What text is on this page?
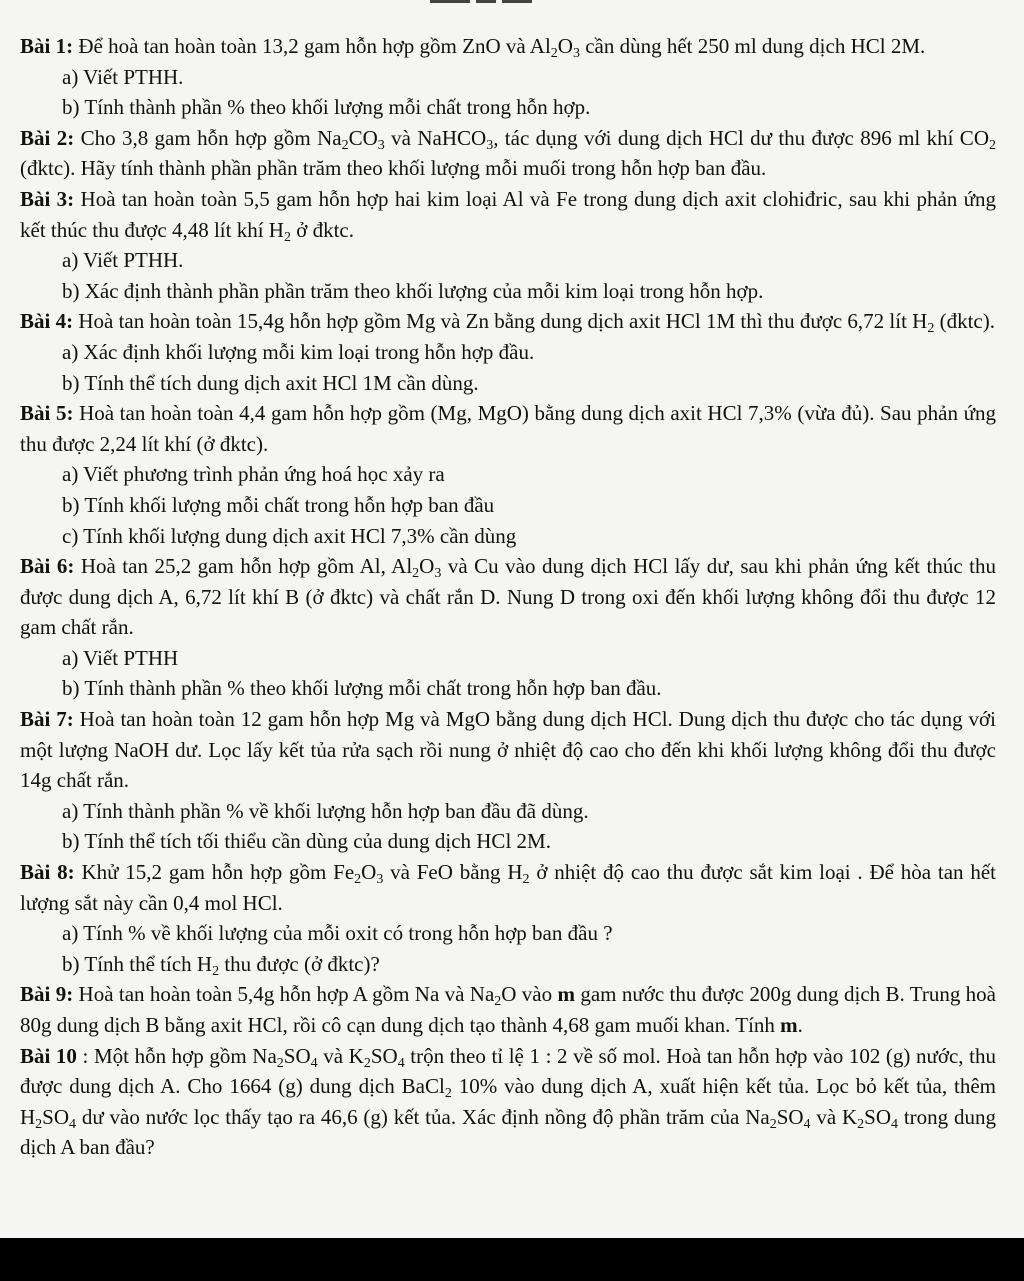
Bài 1: Để hoà tan hoàn toàn 13,2 gam hỗn hợp gồm ZnO và $Al_2O_3$ cần dùng hết 250 ml dung dịch HCl 2M.

a) Viết PTHH.

b) Tính thành phần % theo khối lượng mỗi chất trong hỗn hợp.

Bài 2: Cho 3,8 gam hỗn hợp gồm $Na_2CO_3$ và NaHCO$_3$, tác dụng với dung dịch HCl dư thu được 896 ml khí $CO_2$ (đktc). Hãy tính thành phần phần trăm theo khối lượng mỗi muối trong hỗn hợp ban đầu.

Bài 3: Hoà tan hoàn toàn 5,5 gam hỗn hợp hai kim loại Al và Fe trong dung dịch axit clohiđric, sau khi phản ứng kết thúc thu được 4,48 lít khí $H_2$ ở đktc.

a) Viết PTHH.

b) Xác định thành phần phần trăm theo khối lượng của mỗi kim loại trong hỗn hợp.

Bài 4: Hoà tan hoàn toàn 15,4g hỗn hợp gồm Mg và Zn bằng dung dịch axit HCl 1M thì thu được 6,72 lít $H_2$ (đktc).

a) Xác định khối lượng mỗi kim loại trong hỗn hợp đầu.

b) Tính thể tích dung dịch axit HCl 1M cần dùng.

Bài 5: Hoà tan hoàn toàn 4,4 gam hỗn hợp gồm (Mg, MgO) bằng dung dịch axit HCl 7,3% (vừa đủ). Sau phản ứng thu được 2,24 lít khí (ở đktc).

a) Viết phương trình phản ứng hoá học xảy ra

b) Tính khối lượng mỗi chất trong hỗn hợp ban đầu

c) Tính khối lượng dung dịch axit HCl 7,3% cần dùng

Bài 6: Hoà tan 25,2 gam hỗn hợp gồm Al, $Al_2O_3$ và Cu vào dung dịch HCl lấy dư, sau khi phản ứng kết thúc thu được dung dịch A, 6,72 lít khí B (ở đktc) và chất rắn D. Nung D trong oxi đến khối lượng không đổi thu được 12 gam chất rắn.

a) Viết PTHH

b) Tính thành phần % theo khối lượng mỗi chất trong hỗn hợp ban đầu.

Bài 7: Hoà tan hoàn toàn 12 gam hỗn hợp Mg và MgO bằng dung dịch HCl. Dung dịch thu được cho tác dụng với một lượng NaOH dư. Lọc lấy kết tủa rửa sạch rồi nung ở nhiệt độ cao cho đến khi khối lượng không đổi thu được 14g chất rắn.

a) Tính thành phần % về khối lượng hỗn hợp ban đầu đã dùng.

b) Tính thể tích tối thiểu cần dùng của dung dịch HCl 2M.

Bài 8: Khử 15,2 gam hỗn hợp gồm $Fe_2O_3$ và FeO bằng $H_2$ ở nhiệt độ cao thu được sắt kim loại . Để hòa tan hết lượng sắt này cần 0,4 mol HCl.

a) Tính % về khối lượng của mỗi oxit có trong hỗn hợp ban đầu ?

b) Tính thể tích $H_2$ thu được (ở đktc)?

Bài 9: Hoà tan hoàn toàn 5,4g hỗn hợp A gồm Na và $Na_2O$ vào m gam nước thu được 200g dung dịch B. Trung hoà 80g dung dịch B bằng axit HCl, rồi cô cạn dung dịch tạo thành 4,68 gam muối khan. Tính m.

Bài 10 : Một hỗn hợp gồm $Na_2SO_4$ và $K_2SO_4$ trộn theo tỉ lệ 1 : 2 về số mol. Hoà tan hỗn hợp vào 102 (g) nước, thu được dung dịch A. Cho 1664 (g) dung dịch BaCl$_2$ 10% vào dung dịch A, xuất hiện kết tủa. Lọc bỏ kết tủa, thêm $H_2SO_4$ dư vào nước lọc thấy tạo ra 46,6 (g) kết tủa. Xác định nồng độ phần trăm của $Na_2SO_4$ và $K_2SO_4$ trong dung dịch A ban đầu?
